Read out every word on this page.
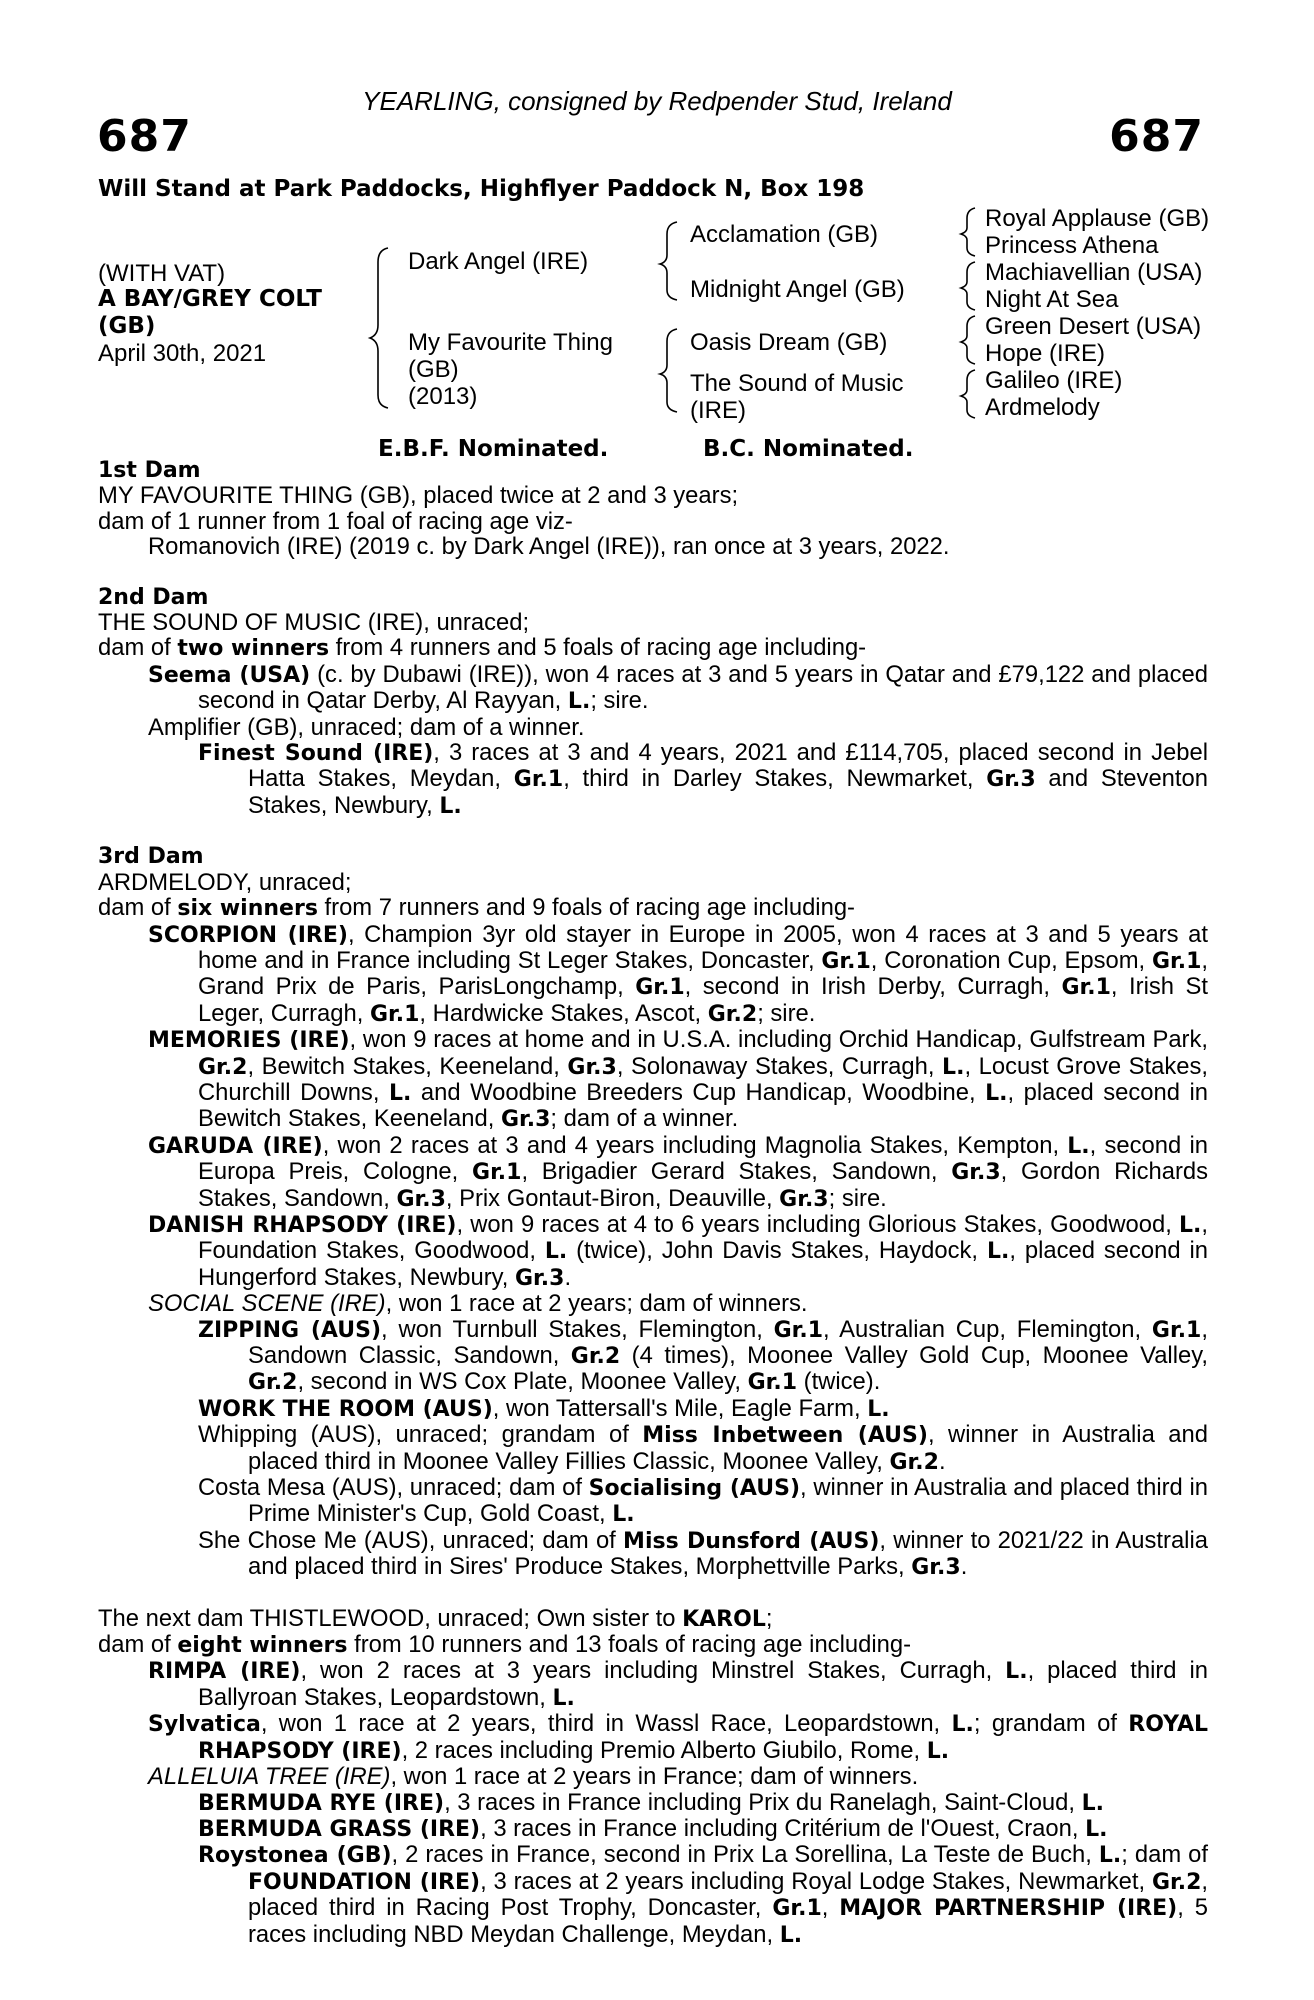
YEARLING, consigned by Redpender Stud, Ireland
687	687
Will Stand at Park Paddocks, Highflyer Paddock N, Box 198
(WITH VAT)
A BAY/GREY COLT
(GB)
April 30th, 2021
Dark Angel (IRE)
My Favourite Thing
(GB)
(2013)
Acclamation (GB)
Midnight Angel (GB)
Oasis Dream (GB)
The Sound of Music
(IRE)
Royal Applause (GB)
Princess Athena
Machiavellian (USA)
Night At Sea
Green Desert (USA)
Hope (IRE)
Galileo (IRE)
Ardmelody
E.B.F. Nominated.	B.C. Nominated.

1st Dam

MY FAVOURITE THING (GB), placed twice at 2 and 3 years;

dam of 1 runner from 1 foal of racing age viz-

Romanovich (IRE) (2019 c. by Dark Angel (IRE)), ran once at 3 years, 2022.

2nd Dam

THE SOUND OF MUSIC (IRE), unraced;

dam of two winners from 4 runners and 5 foals of racing age including-

Seema (USA) (c. by Dubawi (IRE)), won 4 races at 3 and 5 years in Qatar and £79,122 and placed second in Qatar Derby, Al Rayyan, L.; sire.

Amplifier (GB), unraced; dam of a winner.

Finest Sound (IRE), 3 races at 3 and 4 years, 2021 and £114,705, placed second in Jebel Hatta Stakes, Meydan, Gr.1, third in Darley Stakes, Newmarket, Gr.3 and Steventon Stakes, Newbury, L.

3rd Dam

ARDMELODY, unraced;

dam of six winners from 7 runners and 9 foals of racing age including-

SCORPION (IRE), Champion 3yr old stayer in Europe in 2005, won 4 races at 3 and 5 years at home and in France including St Leger Stakes, Doncaster, Gr.1, Coronation Cup, Epsom, Gr.1, Grand Prix de Paris, ParisLongchamp, Gr.1, second in Irish Derby, Curragh, Gr.1, Irish St Leger, Curragh, Gr.1, Hardwicke Stakes, Ascot, Gr.2; sire.

MEMORIES (IRE), won 9 races at home and in U.S.A. including Orchid Handicap, Gulfstream Park, Gr.2, Bewitch Stakes, Keeneland, Gr.3, Solonaway Stakes, Curragh, L., Locust Grove Stakes, Churchill Downs, L. and Woodbine Breeders Cup Handicap, Woodbine, L., placed second in Bewitch Stakes, Keeneland, Gr.3; dam of a winner.

GARUDA (IRE), won 2 races at 3 and 4 years including Magnolia Stakes, Kempton, L., second in Europa Preis, Cologne, Gr.1, Brigadier Gerard Stakes, Sandown, Gr.3, Gordon Richards Stakes, Sandown, Gr.3, Prix Gontaut-Biron, Deauville, Gr.3; sire.

DANISH RHAPSODY (IRE), won 9 races at 4 to 6 years including Glorious Stakes, Goodwood, L., Foundation Stakes, Goodwood, L. (twice), John Davis Stakes, Haydock, L., placed second in Hungerford Stakes, Newbury, Gr.3.

SOCIAL SCENE (IRE), won 1 race at 2 years; dam of winners.

ZIPPING (AUS), won Turnbull Stakes, Flemington, Gr.1, Australian Cup, Flemington, Gr.1, Sandown Classic, Sandown, Gr.2 (4 times), Moonee Valley Gold Cup, Moonee Valley, Gr.2, second in WS Cox Plate, Moonee Valley, Gr.1 (twice).

WORK THE ROOM (AUS), won Tattersall's Mile, Eagle Farm, L.

Whipping (AUS), unraced; grandam of Miss Inbetween (AUS), winner in Australia and placed third in Moonee Valley Fillies Classic, Moonee Valley, Gr.2.

Costa Mesa (AUS), unraced; dam of Socialising (AUS), winner in Australia and placed third in Prime Minister's Cup, Gold Coast, L.

She Chose Me (AUS), unraced; dam of Miss Dunsford (AUS), winner to 2021/22 in Australia and placed third in Sires' Produce Stakes, Morphettville Parks, Gr.3.

The next dam THISTLEWOOD, unraced; Own sister to KAROL;

dam of eight winners from 10 runners and 13 foals of racing age including-

RIMPA (IRE), won 2 races at 3 years including Minstrel Stakes, Curragh, L., placed third in Ballyroan Stakes, Leopardstown, L.

Sylvatica, won 1 race at 2 years, third in Wassl Race, Leopardstown, L.; grandam of ROYAL RHAPSODY (IRE), 2 races including Premio Alberto Giubilo, Rome, L.

ALLELUIA TREE (IRE), won 1 race at 2 years in France; dam of winners.

BERMUDA RYE (IRE), 3 races in France including Prix du Ranelagh, Saint-Cloud, L.

BERMUDA GRASS (IRE), 3 races in France including Critérium de l'Ouest, Craon, L.

Roystonea (GB), 2 races in France, second in Prix La Sorellina, La Teste de Buch, L.; dam of FOUNDATION (IRE), 3 races at 2 years including Royal Lodge Stakes, Newmarket, Gr.2, placed third in Racing Post Trophy, Doncaster, Gr.1, MAJOR PARTNERSHIP (IRE), 5 races including NBD Meydan Challenge, Meydan, L.
